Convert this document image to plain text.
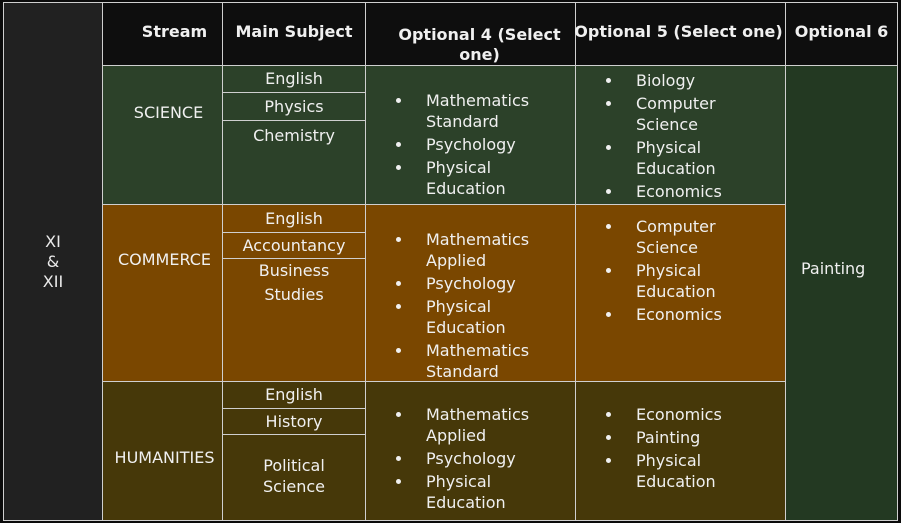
XI
&
XII
Stream Main Subject	Optional 4 (Select
one)
Optional 5 (Select one) Optional 6
Painting
SCIENCE
English
Physics
Chemistry
Mathematics
Standard
Psychology
Physical
Education
Biology
Computer
Science
Physical
Education
Economics
COMMERCE
English
Accountancy
Business
Studies
Mathematics
Applied
Psychology
Physical
Education
Mathematics
Standard
Computer
Science
Physical
Education
Economics
HUMANITIES
English
History
Political
Science
Mathematics
Applied
Psychology
Physical
Education
Economics
Painting
Physical
Education
